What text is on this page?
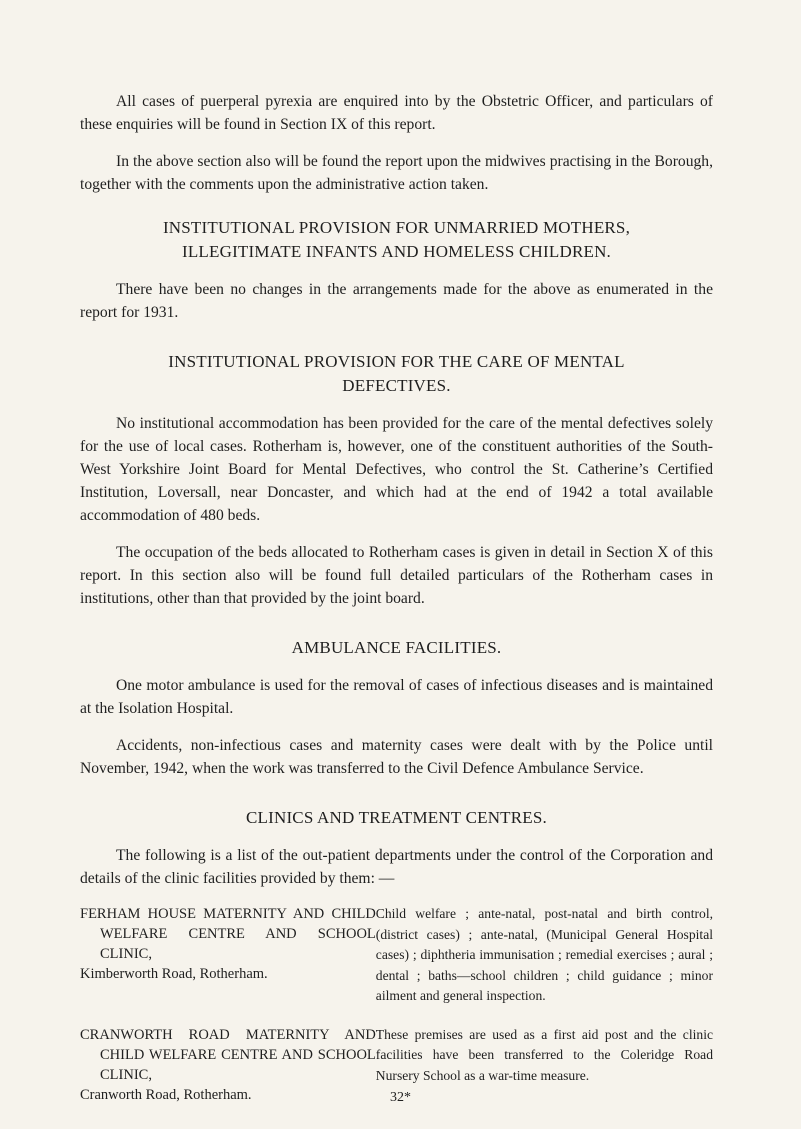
All cases of puerperal pyrexia are enquired into by the Obstetric Officer, and particulars of these enquiries will be found in Section IX of this report.

In the above section also will be found the report upon the midwives practising in the Borough, together with the comments upon the administrative action taken.

INSTITUTIONAL PROVISION FOR UNMARRIED MOTHERS,
ILLEGITIMATE INFANTS AND HOMELESS CHILDREN.

There have been no changes in the arrangements made for the above as enumerated in the report for 1931.

INSTITUTIONAL PROVISION FOR THE CARE OF MENTAL
DEFECTIVES.

No institutional accommodation has been provided for the care of the mental defectives solely for the use of local cases. Rotherham is, however, one of the constituent authorities of the South-West Yorkshire Joint Board for Mental Defectives, who control the St. Catherine’s Certified Institution, Loversall, near Doncaster, and which had at the end of 1942 a total available accommodation of 480 beds.

The occupation of the beds allocated to Rotherham cases is given in detail in Section X of this report. In this section also will be found full detailed particulars of the Rotherham cases in institutions, other than that provided by the joint board.

AMBULANCE FACILITIES.

One motor ambulance is used for the removal of cases of infectious diseases and is maintained at the Isolation Hospital.

Accidents, non-infectious cases and maternity cases were dealt with by the Police until November, 1942, when the work was transferred to the Civil Defence Ambulance Service.

CLINICS AND TREATMENT CENTRES.

The following is a list of the out-patient departments under the control of the Corporation and details of the clinic facilities provided by them: —

FERHAM HOUSE MATERNITY AND CHILD WELFARE CENTRE AND SCHOOL CLINIC,
Kimberworth Road, Rotherham.
Child welfare ; ante-natal, post-natal and birth control, (district cases) ; ante-natal, (Municipal General Hospital cases) ; diphtheria immunisation ; remedial exercises ; aural ; dental ; baths—school children ; child guidance ; minor ailment and general inspection.
CRANWORTH ROAD MATERNITY AND CHILD WELFARE CENTRE AND SCHOOL CLINIC,
Cranworth Road, Rotherham.
These premises are used as a first aid post and the clinic facilities have been transferred to the Coleridge Road Nursery School as a war-time measure.
32*
